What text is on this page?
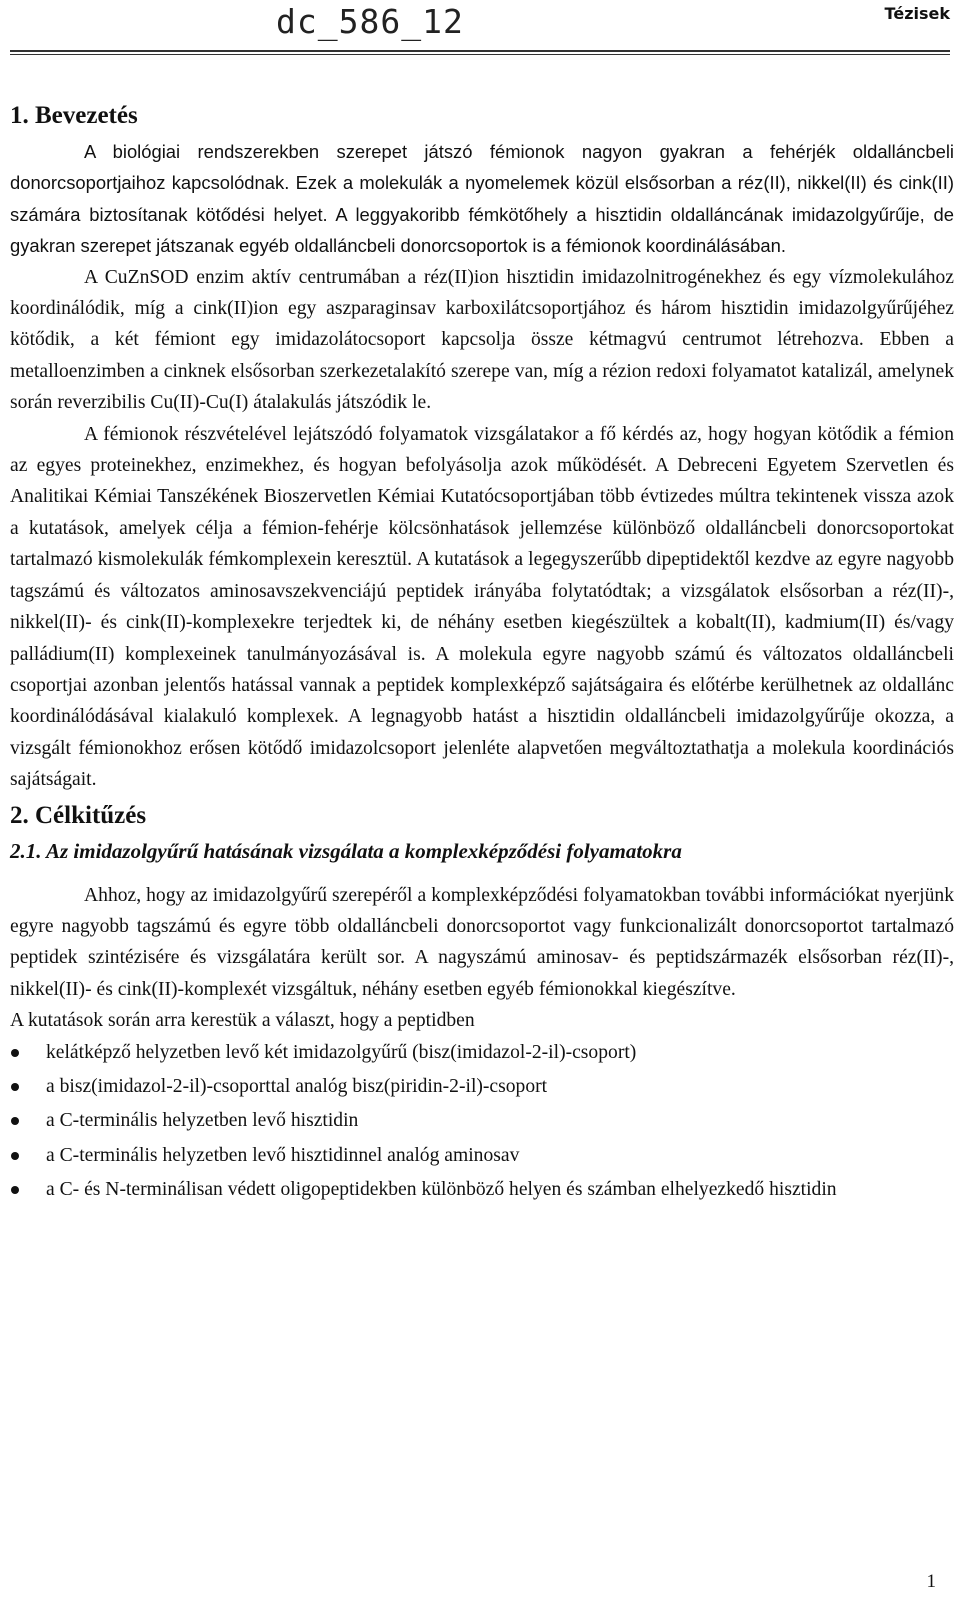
dc_586_12	Tézisek
1. Bevezetés

A biológiai rendszerekben szerepet játszó fémionok nagyon gyakran a fehérjék oldalláncbeli donorcsoportjaihoz kapcsolódnak. Ezek a molekulák a nyomelemek közül elsősorban a réz(II), nikkel(II) és cink(II) számára biztosítanak kötődési helyet. A leggyakoribb fémkötőhely a hisztidin oldalláncának imidazolgyűrűje, de gyakran szerepet játszanak egyéb oldalláncbeli donorcsoportok is a fémionok koordinálásában.

A CuZnSOD enzim aktív centrumában a réz(II)ion hisztidin imidazolnitrogénekhez és egy vízmolekulához koordinálódik, míg a cink(II)ion egy aszparaginsav karboxilátcsoportjához és három hisztidin imidazolgyűrűjéhez kötődik, a két fémiont egy imidazolátocsoport kapcsolja össze kétmagvú centrumot létrehozva. Ebben a metalloenzimben a cinknek elsősorban szerkezetalakító szerepe van, míg a rézion redoxi folyamatot katalizál, amelynek során reverzibilis Cu(II)-Cu(I) átalakulás játszódik le.

A fémionok részvételével lejátszódó folyamatok vizsgálatakor a fő kérdés az, hogy hogyan kötődik a fémion az egyes proteinekhez, enzimekhez, és hogyan befolyásolja azok működését. A Debreceni Egyetem Szervetlen és Analitikai Kémiai Tanszékének Bioszervetlen Kémiai Kutatócsoportjában több évtizedes múltra tekintenek vissza azok a kutatások, amelyek célja a fémion-fehérje kölcsönhatások jellemzése különböző oldalláncbeli donorcsoportokat tartalmazó kismolekulák fémkomplexein keresztül. A kutatások a legegyszerűbb dipeptidektől kezdve az egyre nagyobb tagszámú és változatos aminosavszekvenciájú peptidek irányába folytatódtak; a vizsgálatok elsősorban a réz(II)-, nikkel(II)- és cink(II)-komplexekre terjedtek ki, de néhány esetben kiegészültek a kobalt(II), kadmium(II) és/vagy palládium(II) komplexeinek tanulmányozásával is. A molekula egyre nagyobb számú és változatos oldalláncbeli csoportjai azonban jelentős hatással vannak a peptidek komplexképző sajátságaira és előtérbe kerülhetnek az oldallánc koordinálódásával kialakuló komplexek. A legnagyobb hatást a hisztidin oldalláncbeli imidazolgyűrűje okozza, a vizsgált fémionokhoz erősen kötődő imidazolcsoport jelenléte alapvetően megváltoztathatja a molekula koordinációs sajátságait.

2. Célkitűzés
2.1. Az imidazolgyűrű hatásának vizsgálata a komplexképződési folyamatokra

Ahhoz, hogy az imidazolgyűrű szerepéről a komplexképződési folyamatokban további információkat nyerjünk egyre nagyobb tagszámú és egyre több oldalláncbeli donorcsoportot vagy funkcionalizált donorcsoportot tartalmazó peptidek szintézisére és vizsgálatára került sor. A nagyszámú aminosav- és peptidszármazék elsősorban réz(II)-, nikkel(II)- és cink(II)-komplexét vizsgáltuk, néhány esetben egyéb fémionokkal kiegészítve.

A kutatások során arra kerestük a választ, hogy a peptidben

kelátképző helyzetben levő két imidazolgyűrű (bisz(imidazol-2-il)-csoport)
a bisz(imidazol-2-il)-csoporttal analóg bisz(piridin-2-il)-csoport
a C-terminális helyzetben levő hisztidin
a C-terminális helyzetben levő hisztidinnel analóg aminosav
a C- és N-terminálisan védett oligopeptidekben különböző helyen és számban elhelyezkedő hisztidin
1
